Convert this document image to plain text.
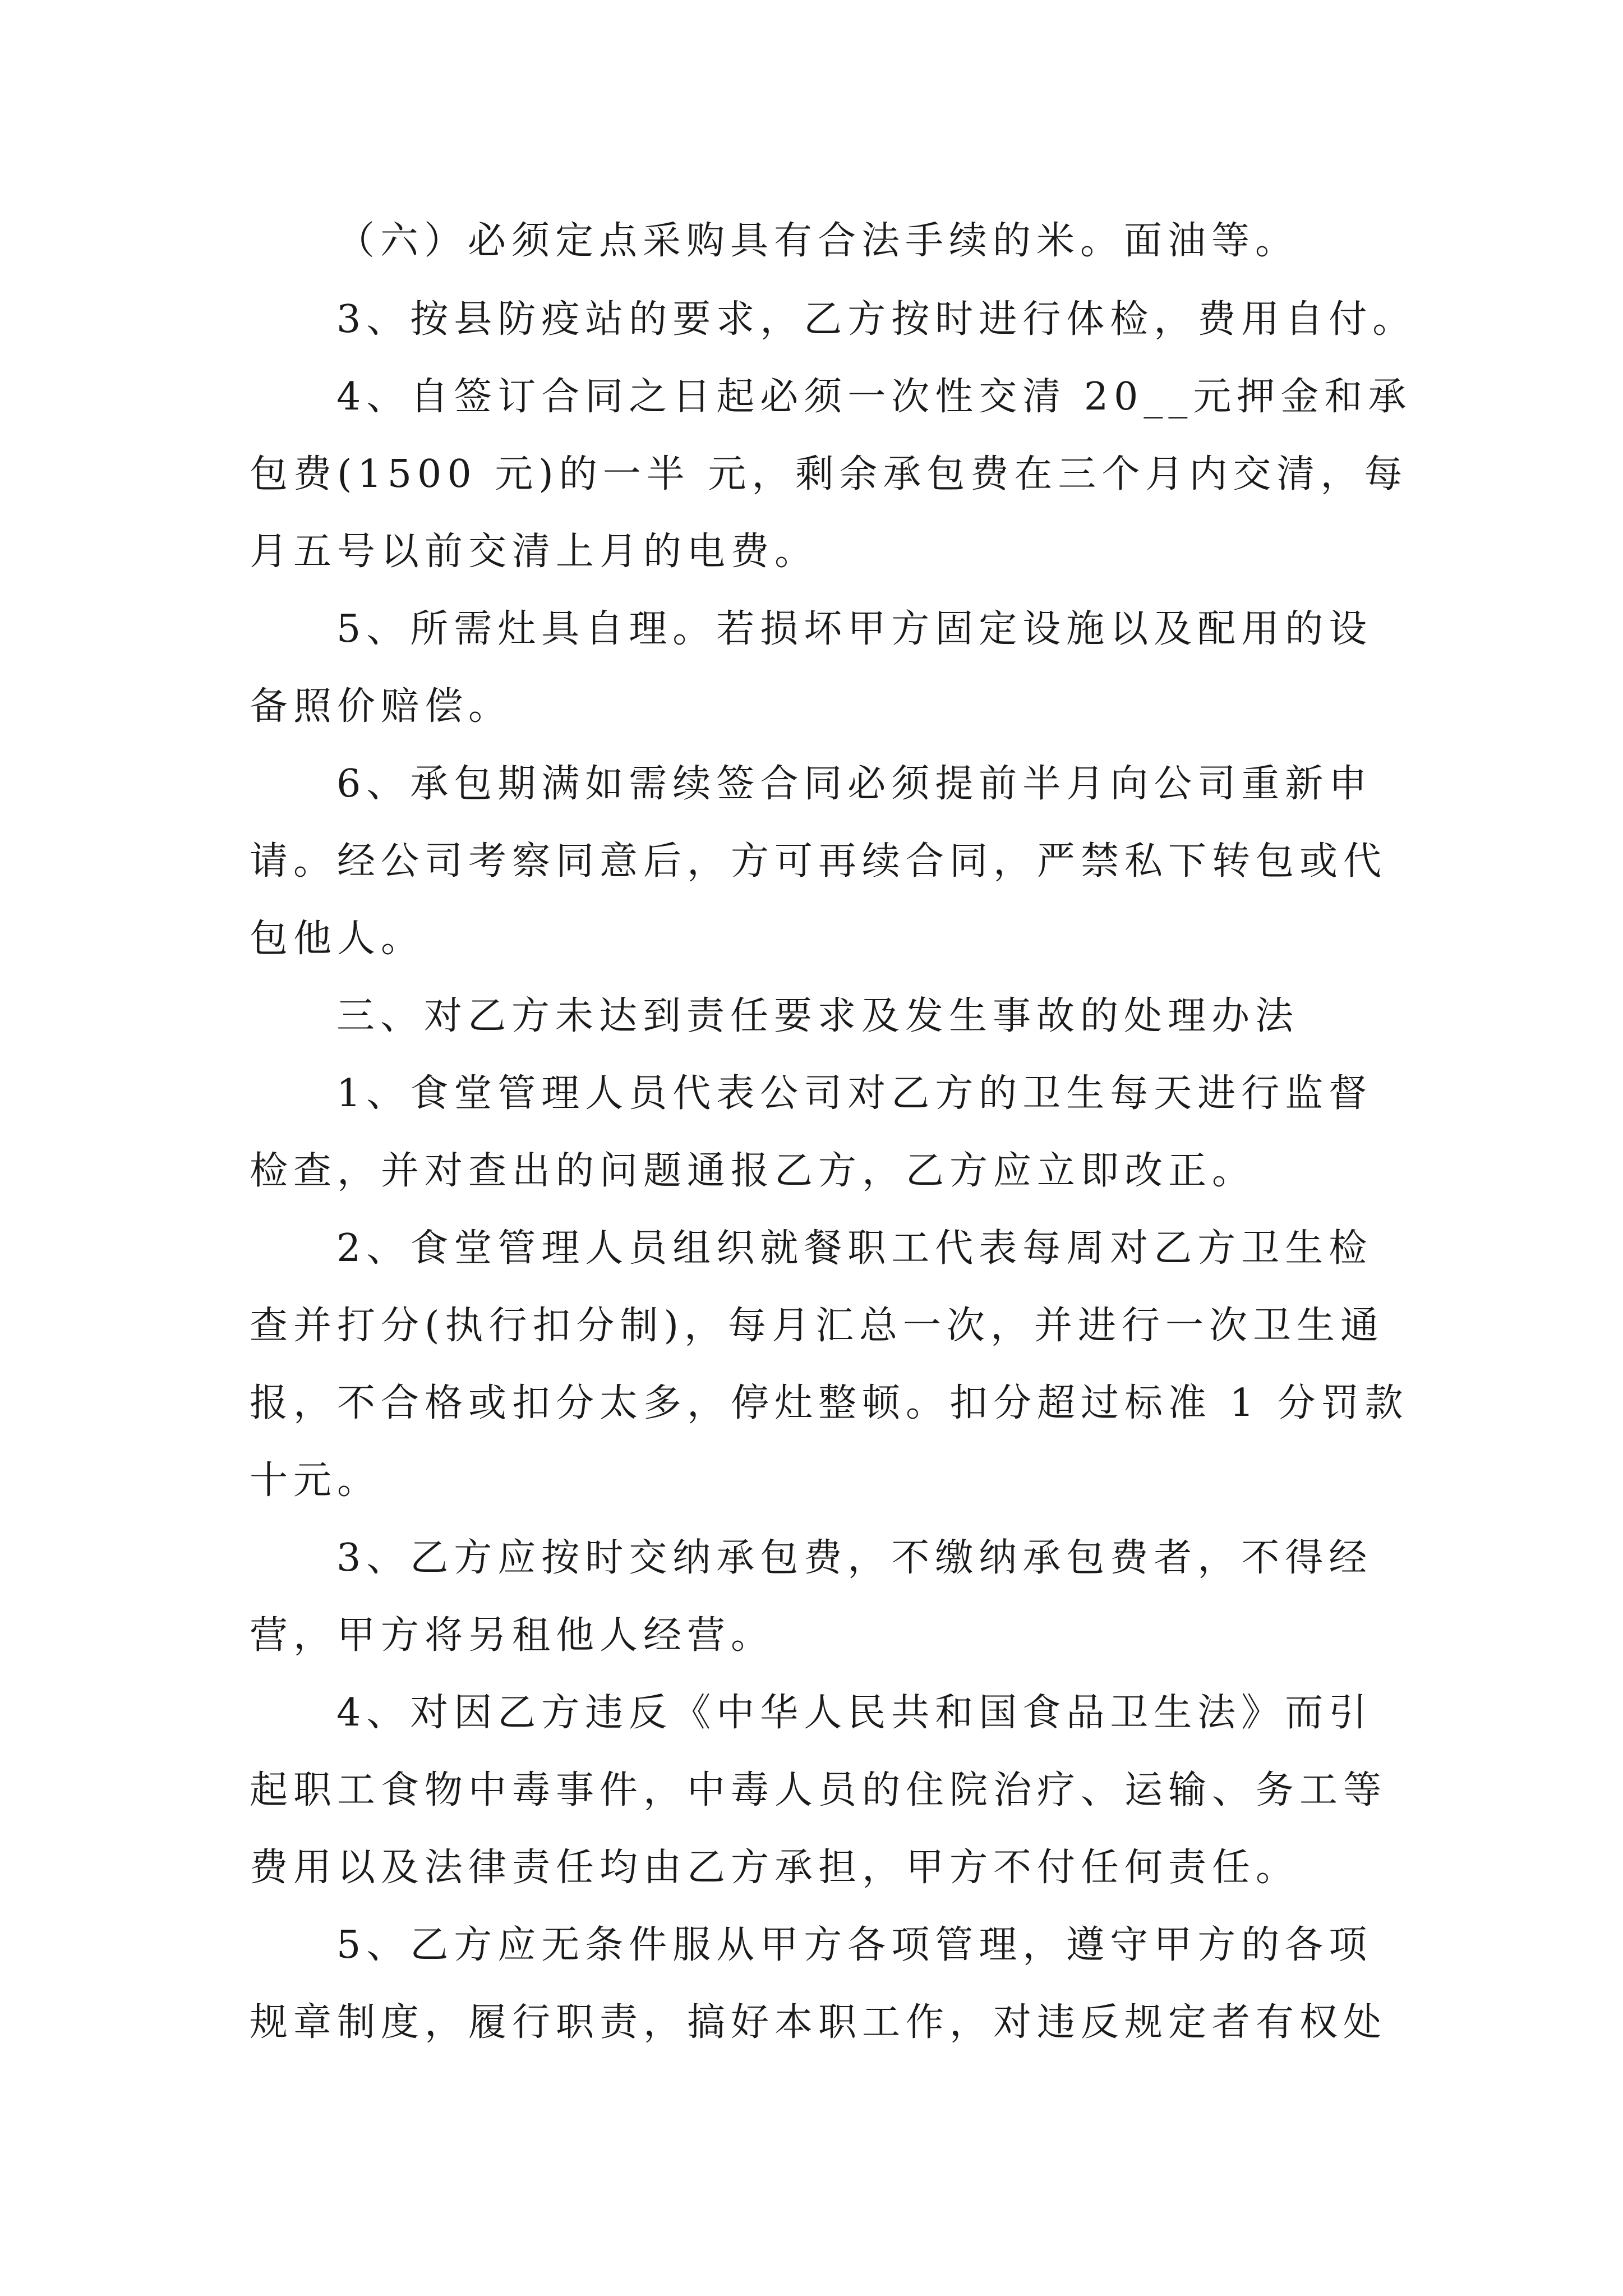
（六）必须定点采购具有合法手续的米。面油等。
3、按县防疫站的要求，乙方按时进行体检，费用自付。
4、自签订合同之日起必须一次性交清 20__元押金和承
包费(1500 元)的一半 元，剩余承包费在三个月内交清，每
月五号以前交清上月的电费。
5、所需灶具自理。若损坏甲方固定设施以及配用的设
备照价赔偿。
6、承包期满如需续签合同必须提前半月向公司重新申
请。经公司考察同意后，方可再续合同，严禁私下转包或代
包他人。
三、对乙方未达到责任要求及发生事故的处理办法
1、食堂管理人员代表公司对乙方的卫生每天进行监督
检查，并对查出的问题通报乙方，乙方应立即改正。
2、食堂管理人员组织就餐职工代表每周对乙方卫生检
查并打分(执行扣分制)，每月汇总一次，并进行一次卫生通
报，不合格或扣分太多，停灶整顿。扣分超过标准 1 分罚款
十元。
3、乙方应按时交纳承包费，不缴纳承包费者，不得经
营，甲方将另租他人经营。
4、对因乙方违反《中华人民共和国食品卫生法》而引
起职工食物中毒事件，中毒人员的住院治疗、运输、务工等
费用以及法律责任均由乙方承担，甲方不付任何责任。
5、乙方应无条件服从甲方各项管理，遵守甲方的各项
规章制度，履行职责，搞好本职工作，对违反规定者有权处
